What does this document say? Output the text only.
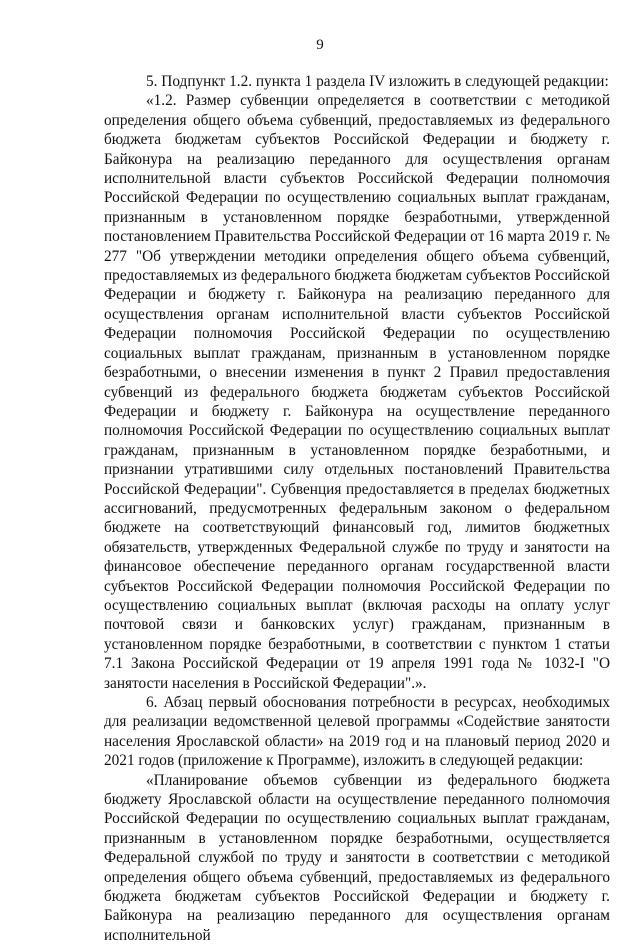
9

5. Подпункт 1.2. пункта 1 раздела IV изложить в следующей редакции:

«1.2. Размер субвенции определяется в соответствии с методикой определения общего объема субвенций, предоставляемых из федерального бюджета бюджетам субъектов Российской Федерации и бюджету г. Байконура на реализацию переданного для осуществления органам исполнительной власти субъектов Российской Федерации полномочия Российской Федерации по осуществлению социальных выплат гражданам, признанным в установленном порядке безработными, утвержденной постановлением Правительства Российской Федерации от 16 марта 2019 г. № 277 "Об утверждении методики определения общего объема субвенций, предоставляемых из федерального бюджета бюджетам субъектов Российской Федерации и бюджету г. Байконура на реализацию переданного для осуществления органам исполнительной власти субъектов Российской Федерации полномочия Российской Федерации по осуществлению социальных выплат гражданам, признанным в установленном порядке безработными, о внесении изменения в пункт 2 Правил предоставления субвенций из федерального бюджета бюджетам субъектов Российской Федерации и бюджету г. Байконура на осуществление переданного полномочия Российской Федерации по осуществлению социальных выплат гражданам, признанным в установленном порядке безработными, и признании утратившими силу отдельных постановлений Правительства Российской Федерации". Субвенция предоставляется в пределах бюджетных ассигнований, предусмотренных федеральным законом о федеральном бюджете на соответствующий финансовый год, лимитов бюджетных обязательств, утвержденных Федеральной службе по труду и занятости на финансовое обеспечение переданного органам государственной власти субъектов Российской Федерации полномочия Российской Федерации по осуществлению социальных выплат (включая расходы на оплату услуг почтовой связи и банковских услуг) гражданам, признанным в установленном порядке безработными, в соответствии с пунктом 1 статьи 7.1 Закона Российской Федерации от 19 апреля 1991 года № 1032-I "О занятости населения в Российской Федерации".».

6. Абзац первый обоснования потребности в ресурсах, необходимых для реализации ведомственной целевой программы «Содействие занятости населения Ярославской области» на 2019 год и на плановый период 2020 и 2021 годов (приложение к Программе), изложить в следующей редакции:

«Планирование объемов субвенции из федерального бюджета бюджету Ярославской области на осуществление переданного полномочия Российской Федерации по осуществлению социальных выплат гражданам, признанным в установленном порядке безработными, осуществляется Федеральной службой по труду и занятости в соответствии с методикой определения общего объема субвенций, предоставляемых из федерального бюджета бюджетам субъектов Российской Федерации и бюджету г. Байконура на реализацию переданного для осуществления органам исполнительной
